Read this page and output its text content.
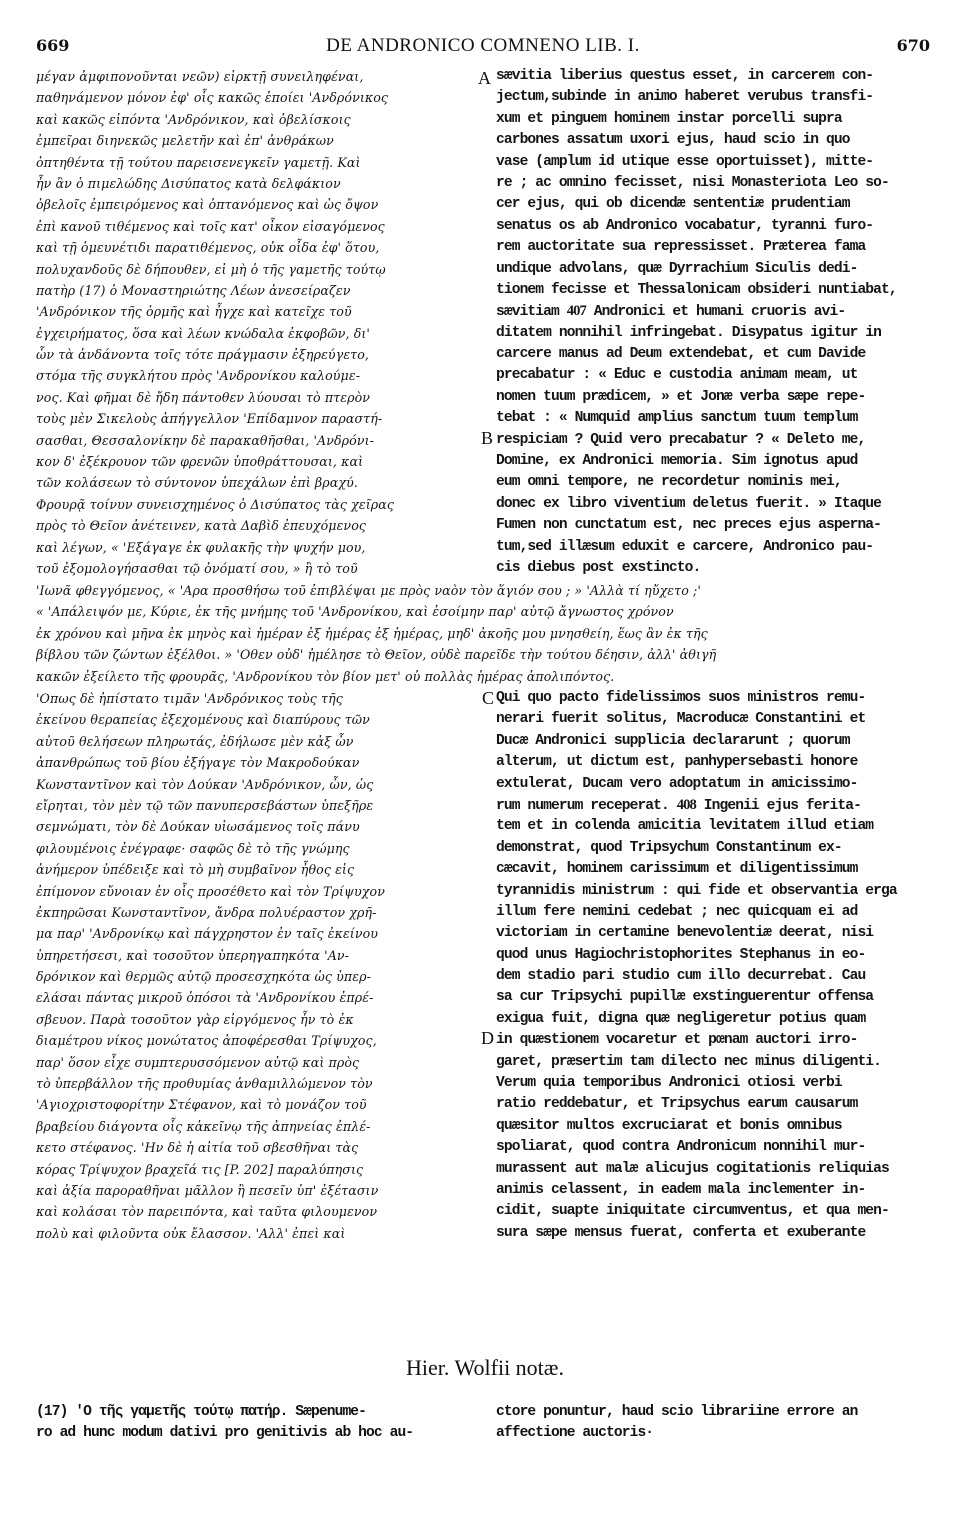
669	DE ANDRONICO COMNENO LIB. I.	670
μέγαν ἀμφιπονοῦνται νεῶν) εἱρκτῇ συνειληφέναι,
παθηνάμενον μόνον ἐφ' οἷς κακῶς ἐποίει 'Ανδρόνικος
καὶ κακῶς εἰπόντα 'Ανδρόνικον, καὶ ὀβελίσκοις
ἐμπεῖραι διηνεκῶς μελετῆν καὶ ἐπ' ἀνθράκων
ὀπτηθέντα τῇ τούτου παρεισενεγκεῖν γαμετῇ. Καὶ
ἦν ἂν ὁ πιμελώδης Δισύπατος κατὰ δελφάκιον
ὀβελοῖς ἐμπειρόμενος καὶ ὀπτανόμενος καὶ ὡς ὄψον
ἐπὶ κανοῦ τιθέμενος καὶ τοῖς κατ' οἶκον εἰσαγόμενος
καὶ τῇ ὁμευνέτιδι παρατιθέμενος, οὐκ οἶδα ἐφ' ὅτου,
πολυχανδοῦς δὲ δήπουθεν, εἰ μὴ ὁ τῆς γαμετῆς τούτῳ
πατὴρ (17) ὁ Μοναστηριώτης Λέων ἀνεσείραζεν
'Ανδρόνικον τῆς ὁρμῆς καὶ ἦγχε καὶ κατεῖχε τοῦ
ἐγχειρήματος, ὅσα καὶ λέων κνώδαλα ἐκφοβῶν, δι'
ὧν τὰ ἁνδάνοντα τοῖς τότε πράγμασιν ἐξηρεύγετο,
στόμα τῆς συγκλήτου πρὸς 'Ανδρονίκου καλούμε-
νος. Καὶ φῆμαι δὲ ἤδη πάντοθεν λύουσαι τὸ πτερὸν
τοὺς μὲν Σικελοὺς ἀπήγγελλον 'Επίδαμνον παραστή-
σασθαι, Θεσσαλονίκην δὲ παρακαθῆσθαι, 'Ανδρόνι-
κον δ' ἐξέκρουον τῶν φρενῶν ὑποθράττουσαι, καὶ
τῶν κολάσεων τὸ σύντονον ὑπεχάλων ἐπὶ βραχύ.
Φρουρᾷ τοίνυν συνεισχημένος ὁ Δισύπατος τὰς χεῖρας
πρὸς τὸ Θεῖον ἀνέτεινεν, κατὰ Δαβὶδ ἐπευχόμενος
καὶ λέγων, « 'Εξάγαγε ἐκ φυλακῆς τὴν ψυχήν μου,
τοῦ ἐξομολογήσασθαι τῷ ὀνόματί σου, » ἢ τὸ τοῦ
sævitia liberius questus esset, in carcerem con-
jectum,subinde in animo haberet verubus transfi-
xum et pinguem hominem instar porcelli supra
carbones assatum uxori ejus, haud scio in quo
vase (amplum id utique esse oportuisset), mitte-
re ; ac omnino fecisset, nisi Monasteriota Leo so-
cer ejus, qui ob dicendæ sententiæ prudentiam
senatus os ab Andronico vocabatur, tyranni furo-
rem auctoritate sua repressisset. Præterea fama
undique advolans, quæ Dyrrachium Siculis dedi-
tionem fecisse et Thessalonicam obsideri nuntiabat,
sævitiam 407 Andronici et humani cruoris avi-
ditatem nonnihil infringebat. Disypatus igitur in
carcere manus ad Deum extendebat, et cum Davide
precabatur : « Educ e custodia animam meam, ut
nomen tuum prædicem, » et Jonæ verba sæpe repe-
tebat : « Numquid amplius sanctum tuum templum
respiciam ? Quid vero precabatur ? « Deleto me,
Domine, ex Andronici memoria. Sim ignotus apud
eum omni tempore, ne recordetur nominis mei,
donec ex libro viventium deletus fuerit. » Itaque
Fumen non cunctatum est, nec preces ejus asperna-
tum,sed illæsum eduxit e carcere, Andronico pau-
cis diebus post exstincto.
'Ιωνᾶ φθεγγόμενος, « 'Αρα προσθήσω τοῦ ἐπιβλέψαι με πρὸς ναὸν τὸν ἅγιόν σου ; » 'Αλλὰ τί ηὔχετο ;'
« 'Απάλειψόν με, Κύριε, ἐκ τῆς μνήμης τοῦ 'Ανδρονίκου, καὶ ἐσοίμην παρ' αὐτῷ ἄγνωστος χρόνον
ἐκ χρόνου καὶ μῆνα ἐκ μηνὸς καὶ ἡμέραν ἐξ ἡμέρας ἐξ ἡμέρας, μηδ' ἀκοῆς μου μνησθείη, ἕως ἂν ἐκ τῆς
βίβλου τῶν ζώντων ἐξέλθοι. » 'Οθεν οὐδ' ἠμέλησε τὸ Θεῖον, οὐδὲ παρεῖδε τὴν τούτου δέησιν, ἀλλ' ἀθιγῆ
κακῶν ἐξείλετο τῆς φρουρᾶς, 'Ανδρονίκου τὸν βίον μετ' οὐ πολλὰς ἡμέρας ἀπολιπόντος.
'Οπως δὲ ἠπίστατο τιμᾶν 'Ανδρόνικος τοὺς τῆς
ἐκείνου θεραπείας ἐξεχομένους καὶ διαπύρους τῶν
αὐτοῦ θελήσεων πληρωτάς, ἐδήλωσε μὲν κἀξ ὧν
ἀπανθρώπως τοῦ βίου ἐξήγαγε τὸν Μακροδούκαν
Κωνσταντῖνον καὶ τὸν Δούκαν 'Ανδρόνικον, ὧν, ὡς
εἴρηται, τὸν μὲν τῷ τῶν πανυπερσεβάστων ὑπεξῆρε
σεμνώματι, τὸν δὲ Δούκαν υἱωσάμενος τοῖς πάνυ
φιλουμένοις ἐνέγραφε· σαφῶς δὲ τὸ τῆς γνώμης
ἀνήμερον ὑπέδειξε καὶ τὸ μὴ συμβαῖνον ἦθος εἰς
ἐπίμονον εὔνοιαν ἐν οἷς προσέθετο καὶ τὸν Τρίψυχον
ἐκπηρῶσαι Κωνσταντῖνον, ἄνδρα πολυέραστον χρῆ-
μα παρ' 'Ανδρονίκῳ καὶ πάγχρηστον ἐν ταῖς ἐκείνου
ὑπηρετήσεσι, καὶ τοσοῦτον ὑπερηγαπηκότα 'Αν-
δρόνικον καὶ θερμῶς αὐτῷ προσεσχηκότα ὡς ὑπερ-
ελάσαι πάντας μικροῦ ὁπόσοι τὰ 'Ανδρονίκου ἐπρέ-
σβευον. Παρὰ τοσοῦτον γὰρ εἰργόμενος ἦν τὸ ἐκ
διαμέτρου νίκος μονώτατος ἀποφέρεσθαι Τρίψυχος,
παρ' ὅσον εἶχε συμπτερυσσόμενον αὐτῷ καὶ πρὸς
τὸ ὑπερβάλλον τῆς προθυμίας ἁνθαμιλλώμενον τὸν
'Αγιοχριστοφορίτην Στέφανον, καὶ τὸ μονάζον τοῦ
βραβείου διάγοντα οἷς κἀκεῖνῳ τῆς ἀπηνείας ἐπλέ-
κετο στέφανος. 'Ην δὲ ἡ αἰτία τοῦ σβεσθῆναι τὰς
κόρας Τρίψυχον βραχεῖά τις [P. 202] παραλύπησις
καὶ ἀξία παροραθῆναι μᾶλλον ἢ πεσεῖν ὑπ' ἐξέτασιν
καὶ κολάσαι τὸν παρειπόντα, καὶ ταῦτα φιλουμενον
πολὺ καὶ φιλοῦντα οὐκ ἔλασσον. 'Αλλ' ἐπεὶ καὶ
Qui quo pacto fidelissimos suos ministros remu-
nerari fuerit solitus, Macroducæ Constantini et
Ducæ Andronici supplicia declararunt ; quorum
alterum, ut dictum est, panhypersebasti honore
extulerat, Ducam vero adoptatum in amicissimo-
rum numerum receperat. 408 Ingenii ejus ferita-
tem et in colenda amicitia levitatem illud etiam
demonstrat, quod Tripsychum Constantinum ex-
cæcavit, hominem carissimum et diligentissimum
tyrannidis ministrum : qui fide et observantia erga
illum fere nemini cedebat ; nec quicquam ei ad
victoriam in certamine benevolentiæ deerat, nisi
quod unus Hagiochristophorites Stephanus in eo-
dem stadio pari studio cum illo decurrebat. Cau
sa cur Tripsychi pupillæ exstinguerentur offensa
exigua fuit, digna quæ negligeretur potius quam
in quæstionem vocaretur et pœnam auctori irro-
garet, præsertim tam dilecto nec minus diligenti.
Verum quia temporibus Andronici otiosi verbi
ratio reddebatur, et Tripsychus earum causarum
quæsitor multos excruciarat et bonis omnibus
spoliarat, quod contra Andronicum nonnihil mur-
murassent aut malæ alicujus cogitationis reliquias
animis celassent, in eadem mala inclementer in-
cidit, suapte iniquitate circumventus, et qua men-
sura sæpe mensus fuerat, conferta et exuberante
A
B
C
D
Hier. Wolfii notæ.
(17) 'Ο τῆς γαμετῆς τούτῳ πατήρ. Sæpenume-
ro ad hunc modum dativi pro genitivis ab hoc au-
ctore ponuntur, haud scio librariine errore an
affectione auctoris·
